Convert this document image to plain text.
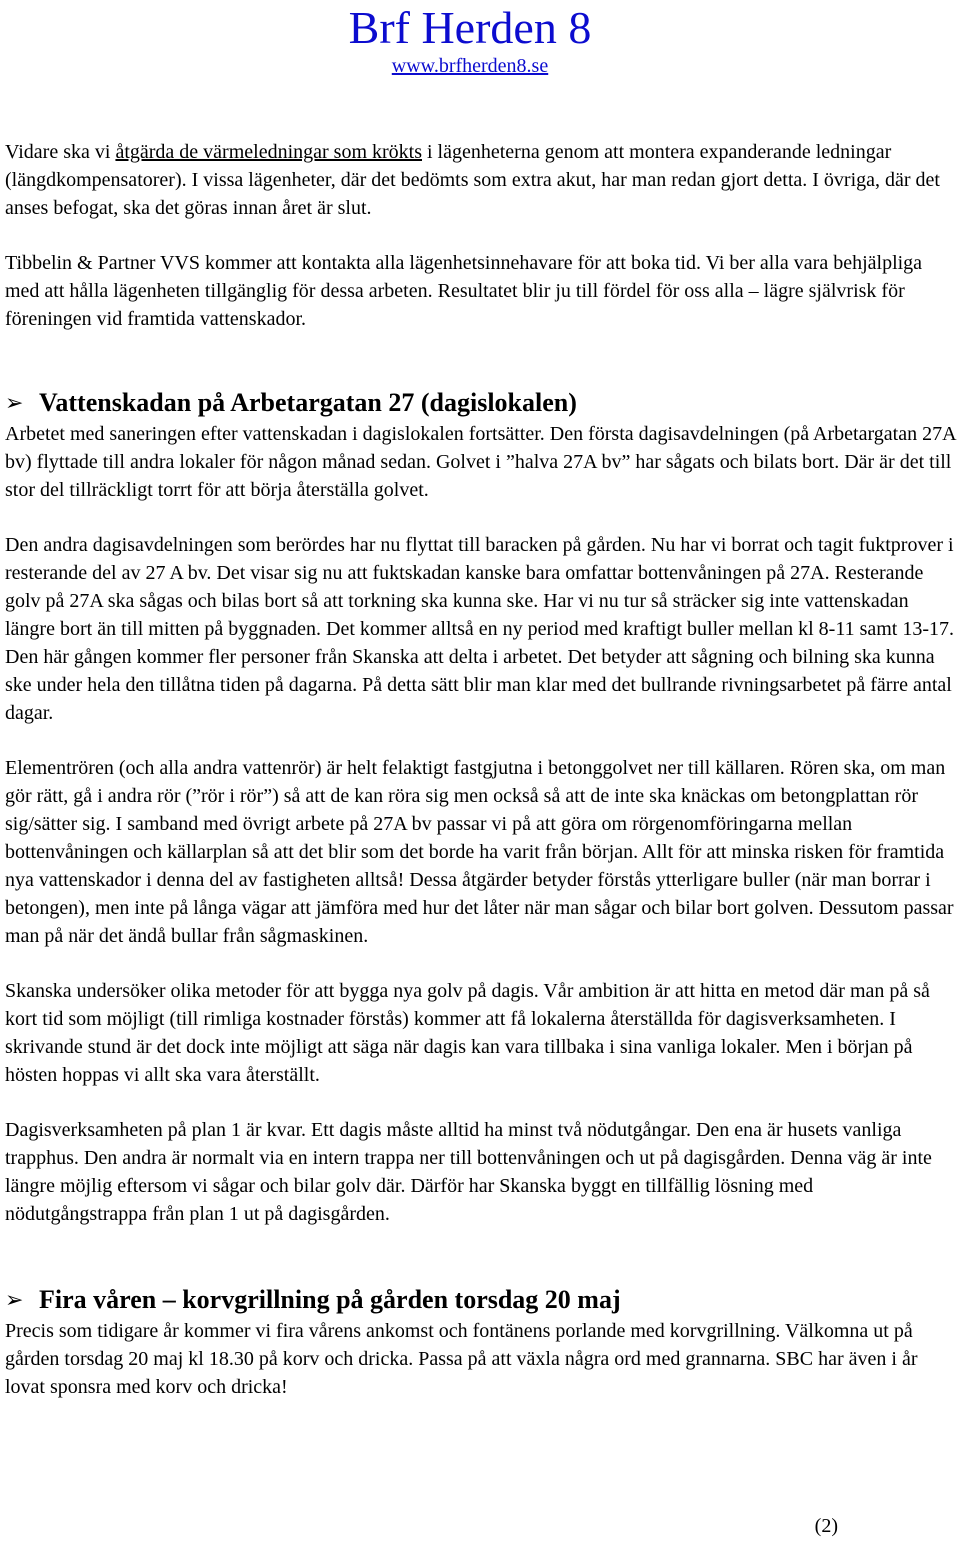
Brf Herden 8
www.brfherden8.se

Vidare ska vi åtgärda de värmeledningar som krökts i lägenheterna genom att montera expanderande ledningar (längdkompensatorer). I vissa lägenheter, där det bedömts som extra akut, har man redan gjort detta. I övriga, där det anses befogat, ska det göras innan året är slut.

Tibbelin & Partner VVS kommer att kontakta alla lägenhetsinnehavare för att boka tid. Vi ber alla vara behjälpliga med att hålla lägenheten tillgänglig för dessa arbeten. Resultatet blir ju till fördel för oss alla – lägre självrisk för föreningen vid framtida vattenskador.

➢ Vattenskadan på Arbetargatan 27 (dagislokalen)

Arbetet med saneringen efter vattenskadan i dagislokalen fortsätter. Den första dagisavdelningen (på Arbetargatan 27A bv) flyttade till andra lokaler för någon månad sedan. Golvet i ”halva 27A bv” har sågats och bilats bort. Där är det till stor del tillräckligt torrt för att börja återställa golvet.

Den andra dagisavdelningen som berördes har nu flyttat till baracken på gården. Nu har vi borrat och tagit fuktprover i resterande del av 27 A bv. Det visar sig nu att fuktskadan kanske bara omfattar bottenvåningen på 27A. Resterande golv på 27A ska sågas och bilas bort så att torkning ska kunna ske. Har vi nu tur så sträcker sig inte vattenskadan längre bort än till mitten på byggnaden. Det kommer alltså en ny period med kraftigt buller mellan kl 8-11 samt 13-17. Den här gången kommer fler personer från Skanska att delta i arbetet. Det betyder att sågning och bilning ska kunna ske under hela den tillåtna tiden på dagarna. På detta sätt blir man klar med det bullrande rivningsarbetet på färre antal dagar.

Elementrören (och alla andra vattenrör) är helt felaktigt fastgjutna i betonggolvet ner till källaren. Rören ska, om man gör rätt, gå i andra rör (”rör i rör”) så att de kan röra sig men också så att de inte ska knäckas om betongplattan rör sig/sätter sig. I samband med övrigt arbete på 27A bv passar vi på att göra om rörgenomföringarna mellan bottenvåningen och källarplan så att det blir som det borde ha varit från början. Allt för att minska risken för framtida nya vattenskador i denna del av fastigheten alltså! Dessa åtgärder betyder förstås ytterligare buller (när man borrar i betongen), men inte på långa vägar att jämföra med hur det låter när man sågar och bilar bort golven. Dessutom passar man på när det ändå bullar från sågmaskinen.

Skanska undersöker olika metoder för att bygga nya golv på dagis. Vår ambition är att hitta en metod där man på så kort tid som möjligt (till rimliga kostnader förstås) kommer att få lokalerna återställda för dagisverksamheten. I skrivande stund är det dock inte möjligt att säga när dagis kan vara tillbaka i sina vanliga lokaler. Men i början på hösten hoppas vi allt ska vara återställt.

Dagisverksamheten på plan 1 är kvar. Ett dagis måste alltid ha minst två nödutgångar. Den ena är husets vanliga trapphus. Den andra är normalt via en intern trappa ner till bottenvåningen och ut på dagisgården. Denna väg är inte längre möjlig eftersom vi sågar och bilar golv där. Därför har Skanska byggt en tillfällig lösning med nödutgångstrappa från plan 1 ut på dagisgården.

➢ Fira våren – korvgrillning på gården torsdag 20 maj

Precis som tidigare år kommer vi fira vårens ankomst och fontänens porlande med korvgrillning. Välkomna ut på gården torsdag 20 maj kl 18.30 på korv och dricka. Passa på att växla några ord med grannarna. SBC har även i år lovat sponsra med korv och dricka!

(2)
